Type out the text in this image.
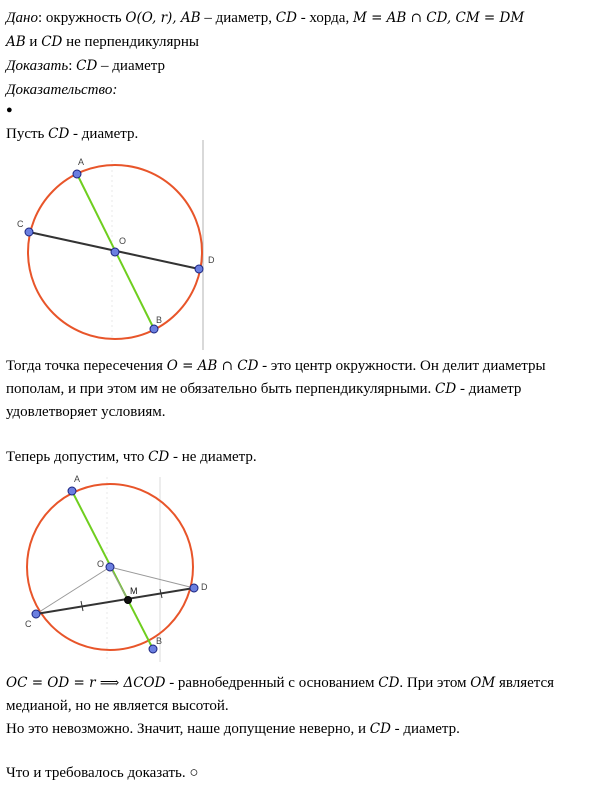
Дано: окружность O(O, r), AB – диаметр, CD - хорда, M = AB ∩ CD, CM = DM
AB и CD не перпендикулярны
Доказать: CD – диаметр
Доказательство:
●
Пусть CD - диаметр.
A
B
C
D
O
Тогда точка пересечения O = AB ∩ CD - это центр окружности. Он делит диаметры
пополам, и при этом им не обязательно быть перпендикулярными. CD - диаметр
удовлетворяет условиям.
Теперь допустим, что CD - не диаметр.
A
B
C
D
O
M
OC = OD = r ⟹ ΔCOD - равнобедренный с основанием CD. При этом OM является
медианой, но не является высотой.
Но это невозможно. Значит, наше допущение неверно, и CD - диаметр.
Что и требовалось доказать. ○
